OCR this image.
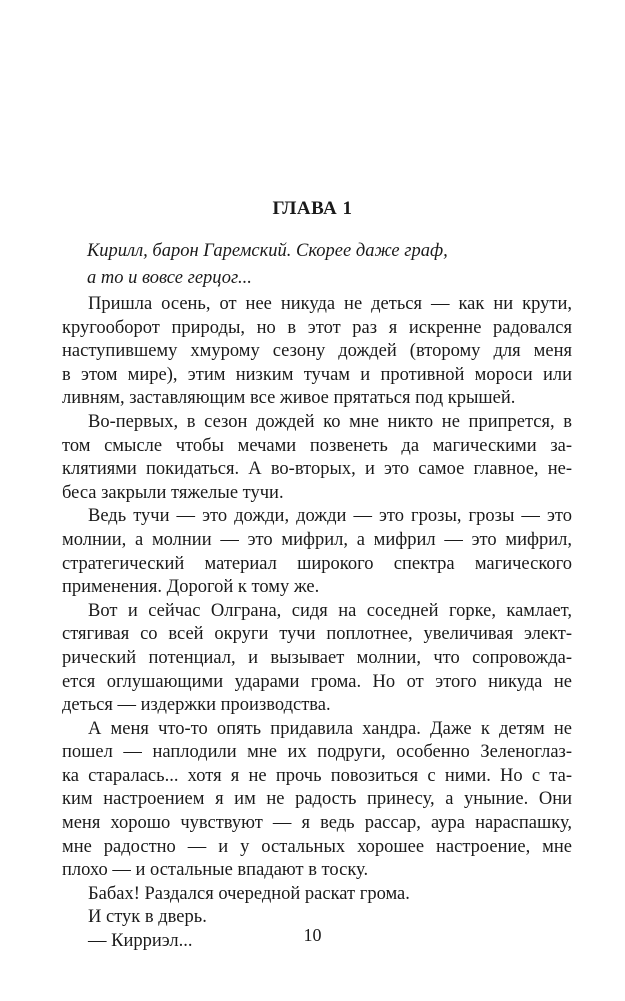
ГЛАВА 1
Кирилл, барон Гаремский. Скорее даже граф,
а то и вовсе герцог...
Пришла осень, от нее никуда не деться — как ни крути,
кругооборот природы, но в этот раз я искренне радовался
наступившему хмурому сезону дождей (второму для меня
в этом мире), этим низким тучам и противной мороси или
ливням, заставляющим все живое прятаться под крышей.
Во-первых, в сезон дождей ко мне никто не припрется, в
том смысле чтобы мечами позвенеть да магическими за-
клятиями покидаться. А во-вторых, и это самое главное, не-
беса закрыли тяжелые тучи.
Ведь тучи — это дожди, дожди — это грозы, грозы — это
молнии, а молнии — это мифрил, а мифрил — это мифрил,
стратегический материал широкого спектра магического
применения. Дорогой к тому же.
Вот и сейчас Олграна, сидя на соседней горке, камлает,
стягивая со всей округи тучи поплотнее, увеличивая элект-
рический потенциал, и вызывает молнии, что сопровожда-
ется оглушающими ударами грома. Но от этого никуда не
деться — издержки производства.
А меня что-то опять придавила хандра. Даже к детям не
пошел — наплодили мне их подруги, особенно Зеленоглаз-
ка старалась... хотя я не прочь повозиться с ними. Но с та-
ким настроением я им не радость принесу, а уныние. Они
меня хорошо чувствуют — я ведь рассар, аура нараспашку,
мне радостно — и у остальных хорошее настроение, мне
плохо — и остальные впадают в тоску.
Бабах! Раздался очередной раскат грома.
И стук в дверь.
— Кирриэл...	10
